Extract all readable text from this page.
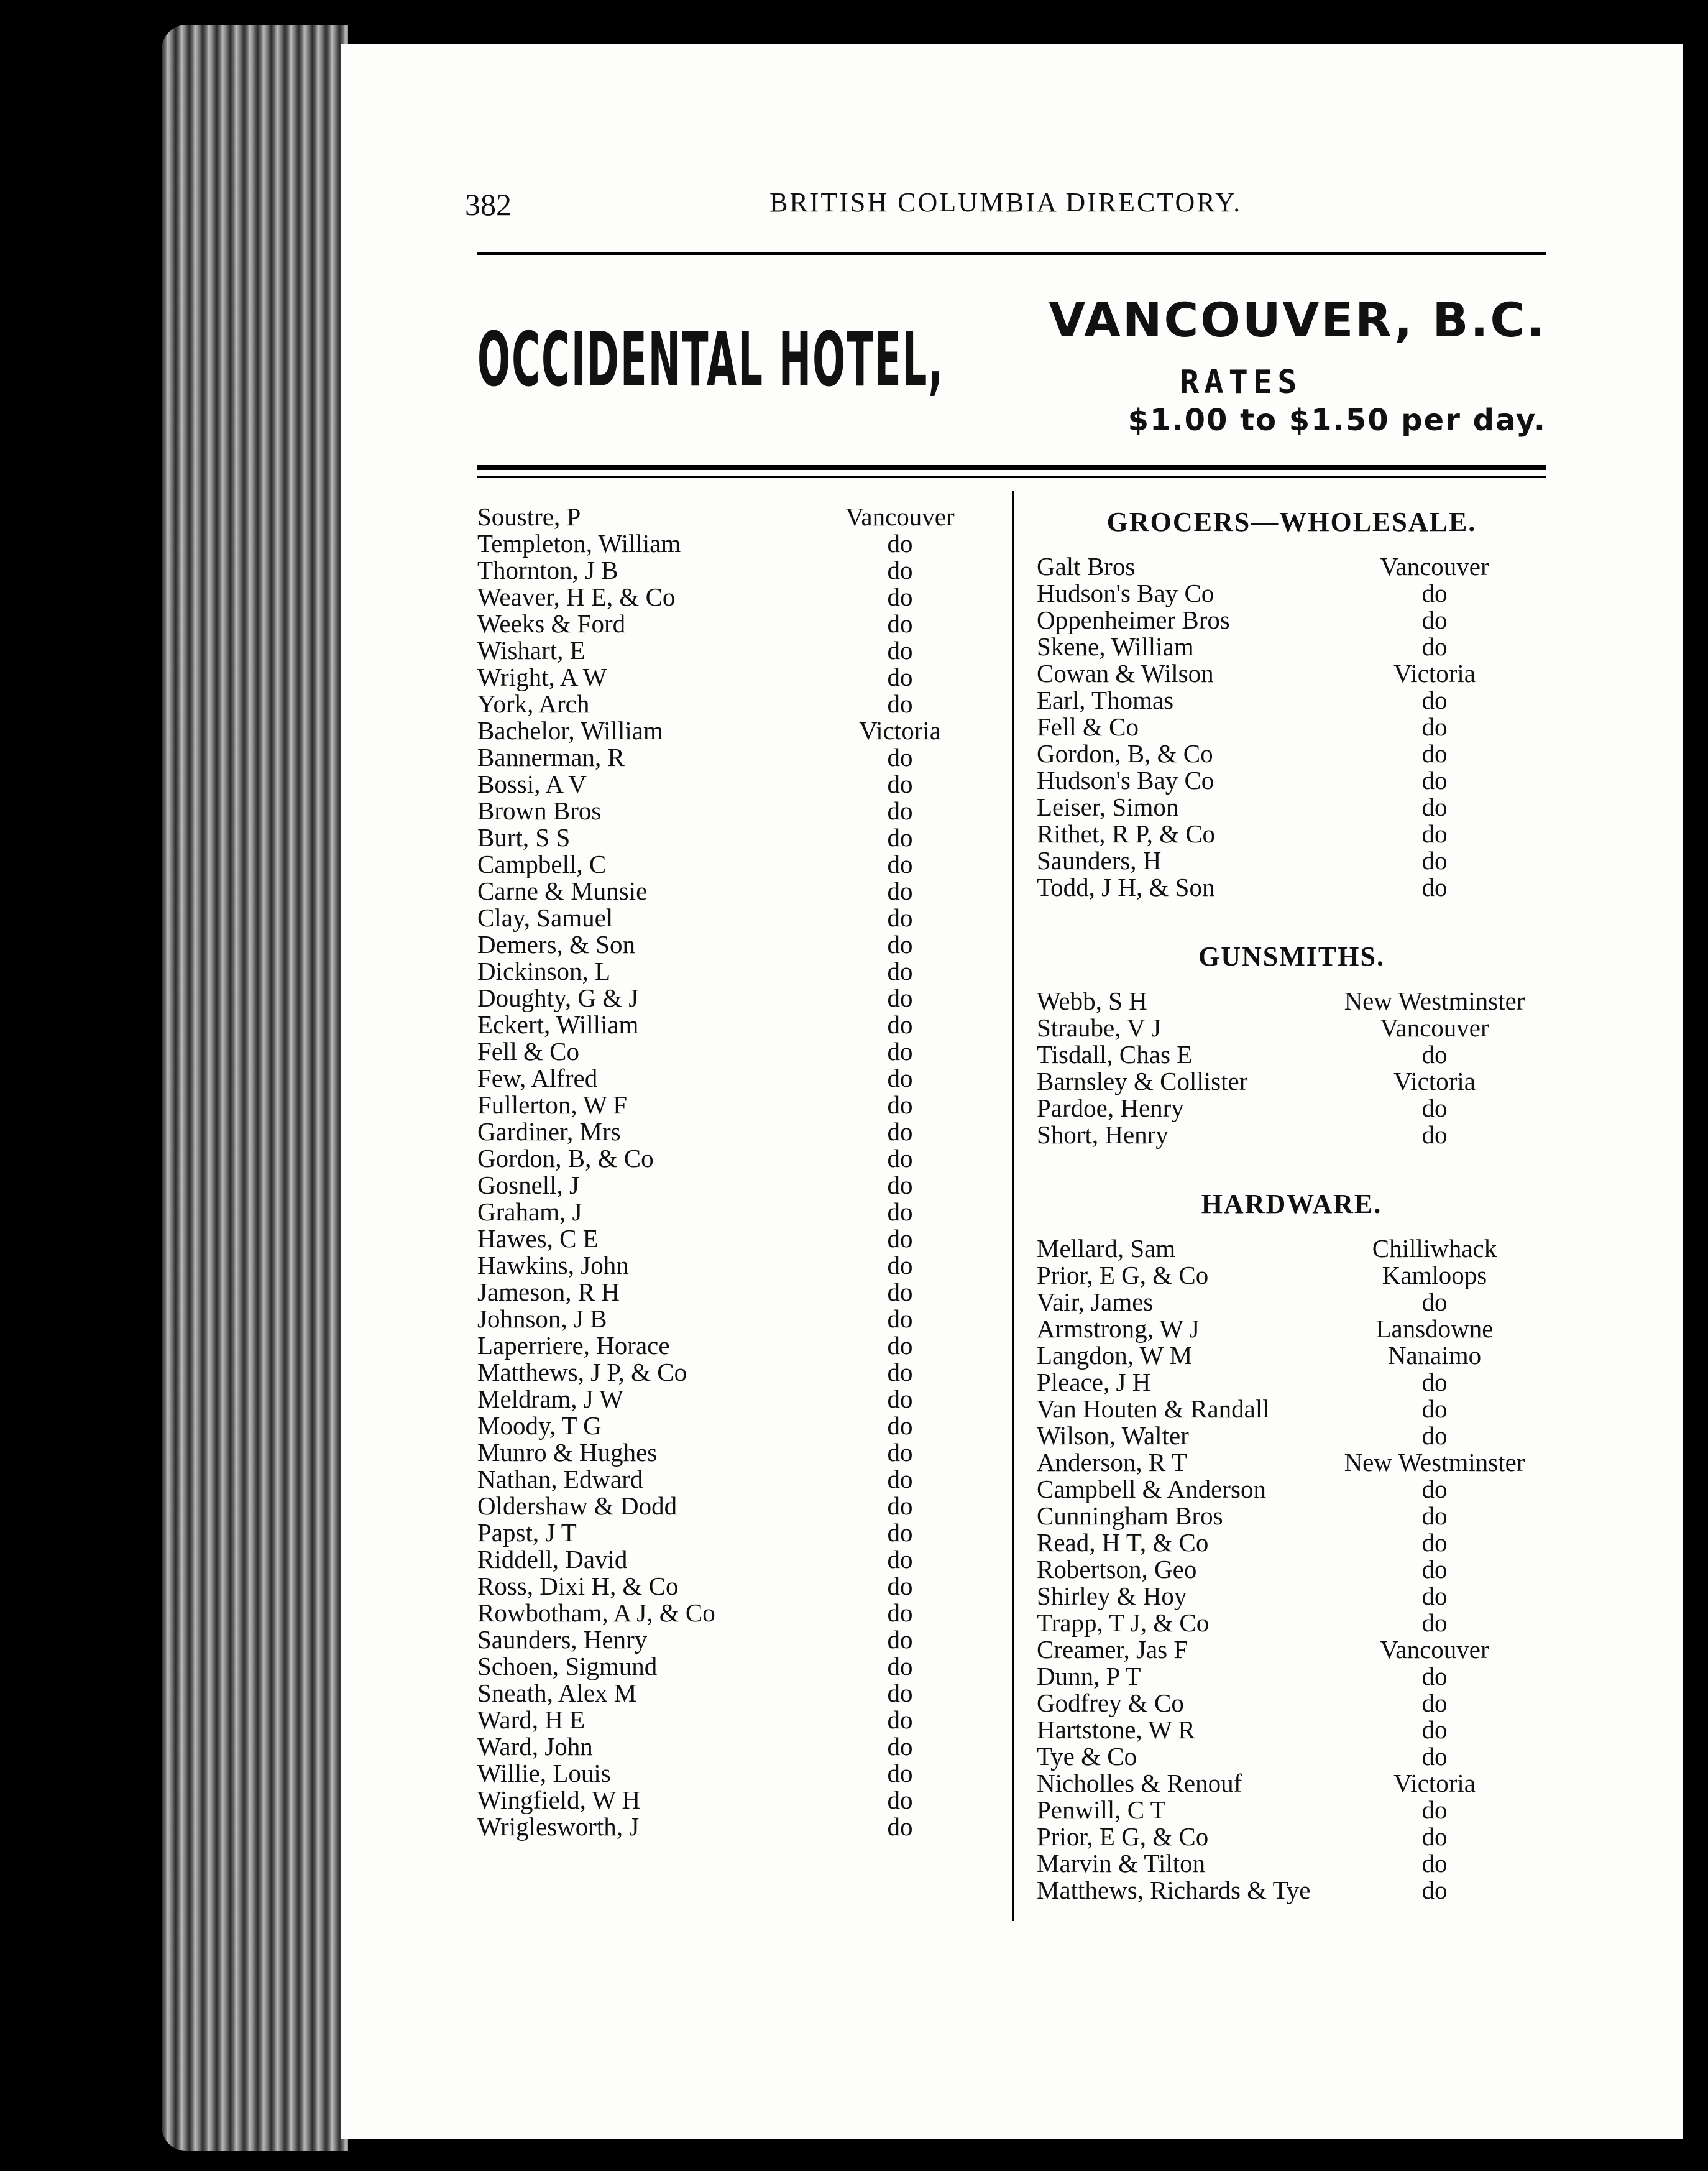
382	BRITISH COLUMBIA DIRECTORY.
OCCIDENTAL HOTEL, VANCOUVER, B.C.
RATES
$1.00 to $1.50 per day.
Soustre, P	Vancouver
Templeton, William	do
Thornton, J B	do
Weaver, H E, & Co	do
Weeks & Ford	do
Wishart, E	do
Wright, A W	do
York, Arch	do
Bachelor, William	Victoria
Bannerman, R	do
Bossi, A V	do
Brown Bros	do
Burt, S S	do
Campbell, C	do
Carne & Munsie	do
Clay, Samuel	do
Demers, & Son	do
Dickinson, L	do
Doughty, G & J	do
Eckert, William	do
Fell & Co	do
Few, Alfred	do
Fullerton, W F	do
Gardiner, Mrs	do
Gordon, B, & Co	do
Gosnell, J	do
Graham, J	do
Hawes, C E	do
Hawkins, John	do
Jameson, R H	do
Johnson, J B	do
Laperriere, Horace	do
Matthews, J P, & Co	do
Meldram, J W	do
Moody, T G	do
Munro & Hughes	do
Nathan, Edward	do
Oldershaw & Dodd	do
Papst, J T	do
Riddell, David	do
Ross, Dixi H, & Co	do
Rowbotham, A J, & Co	do
Saunders, Henry	do
Schoen, Sigmund	do
Sneath, Alex M	do
Ward, H E	do
Ward, John	do
Willie, Louis	do
Wingfield, W H	do
Wriglesworth, J	do
GROCERS—WHOLESALE.
Galt Bros	Vancouver
Hudson's Bay Co	do
Oppenheimer Bros	do
Skene, William	do
Cowan & Wilson	Victoria
Earl, Thomas	do
Fell & Co	do
Gordon, B, & Co	do
Hudson's Bay Co	do
Leiser, Simon	do
Rithet, R P, & Co	do
Saunders, H	do
Todd, J H, & Son	do
GUNSMITHS.
Webb, S H	New Westminster
Straube, V J	Vancouver
Tisdall, Chas E	do
Barnsley & Collister	Victoria
Pardoe, Henry	do
Short, Henry	do
HARDWARE.
Mellard, Sam	Chilliwhack
Prior, E G, & Co	Kamloops
Vair, James	do
Armstrong, W J	Lansdowne
Langdon, W M	Nanaimo
Pleace, J H	do
Van Houten & Randall	do
Wilson, Walter	do
Anderson, R T	New Westminster
Campbell & Anderson	do
Cunningham Bros	do
Read, H T, & Co	do
Robertson, Geo	do
Shirley & Hoy	do
Trapp, T J, & Co	do
Creamer, Jas F	Vancouver
Dunn, P T	do
Godfrey & Co	do
Hartstone, W R	do
Tye & Co	do
Nicholles & Renouf	Victoria
Penwill, C T	do
Prior, E G, & Co	do
Marvin & Tilton	do
Matthews, Richards & Tye	do
